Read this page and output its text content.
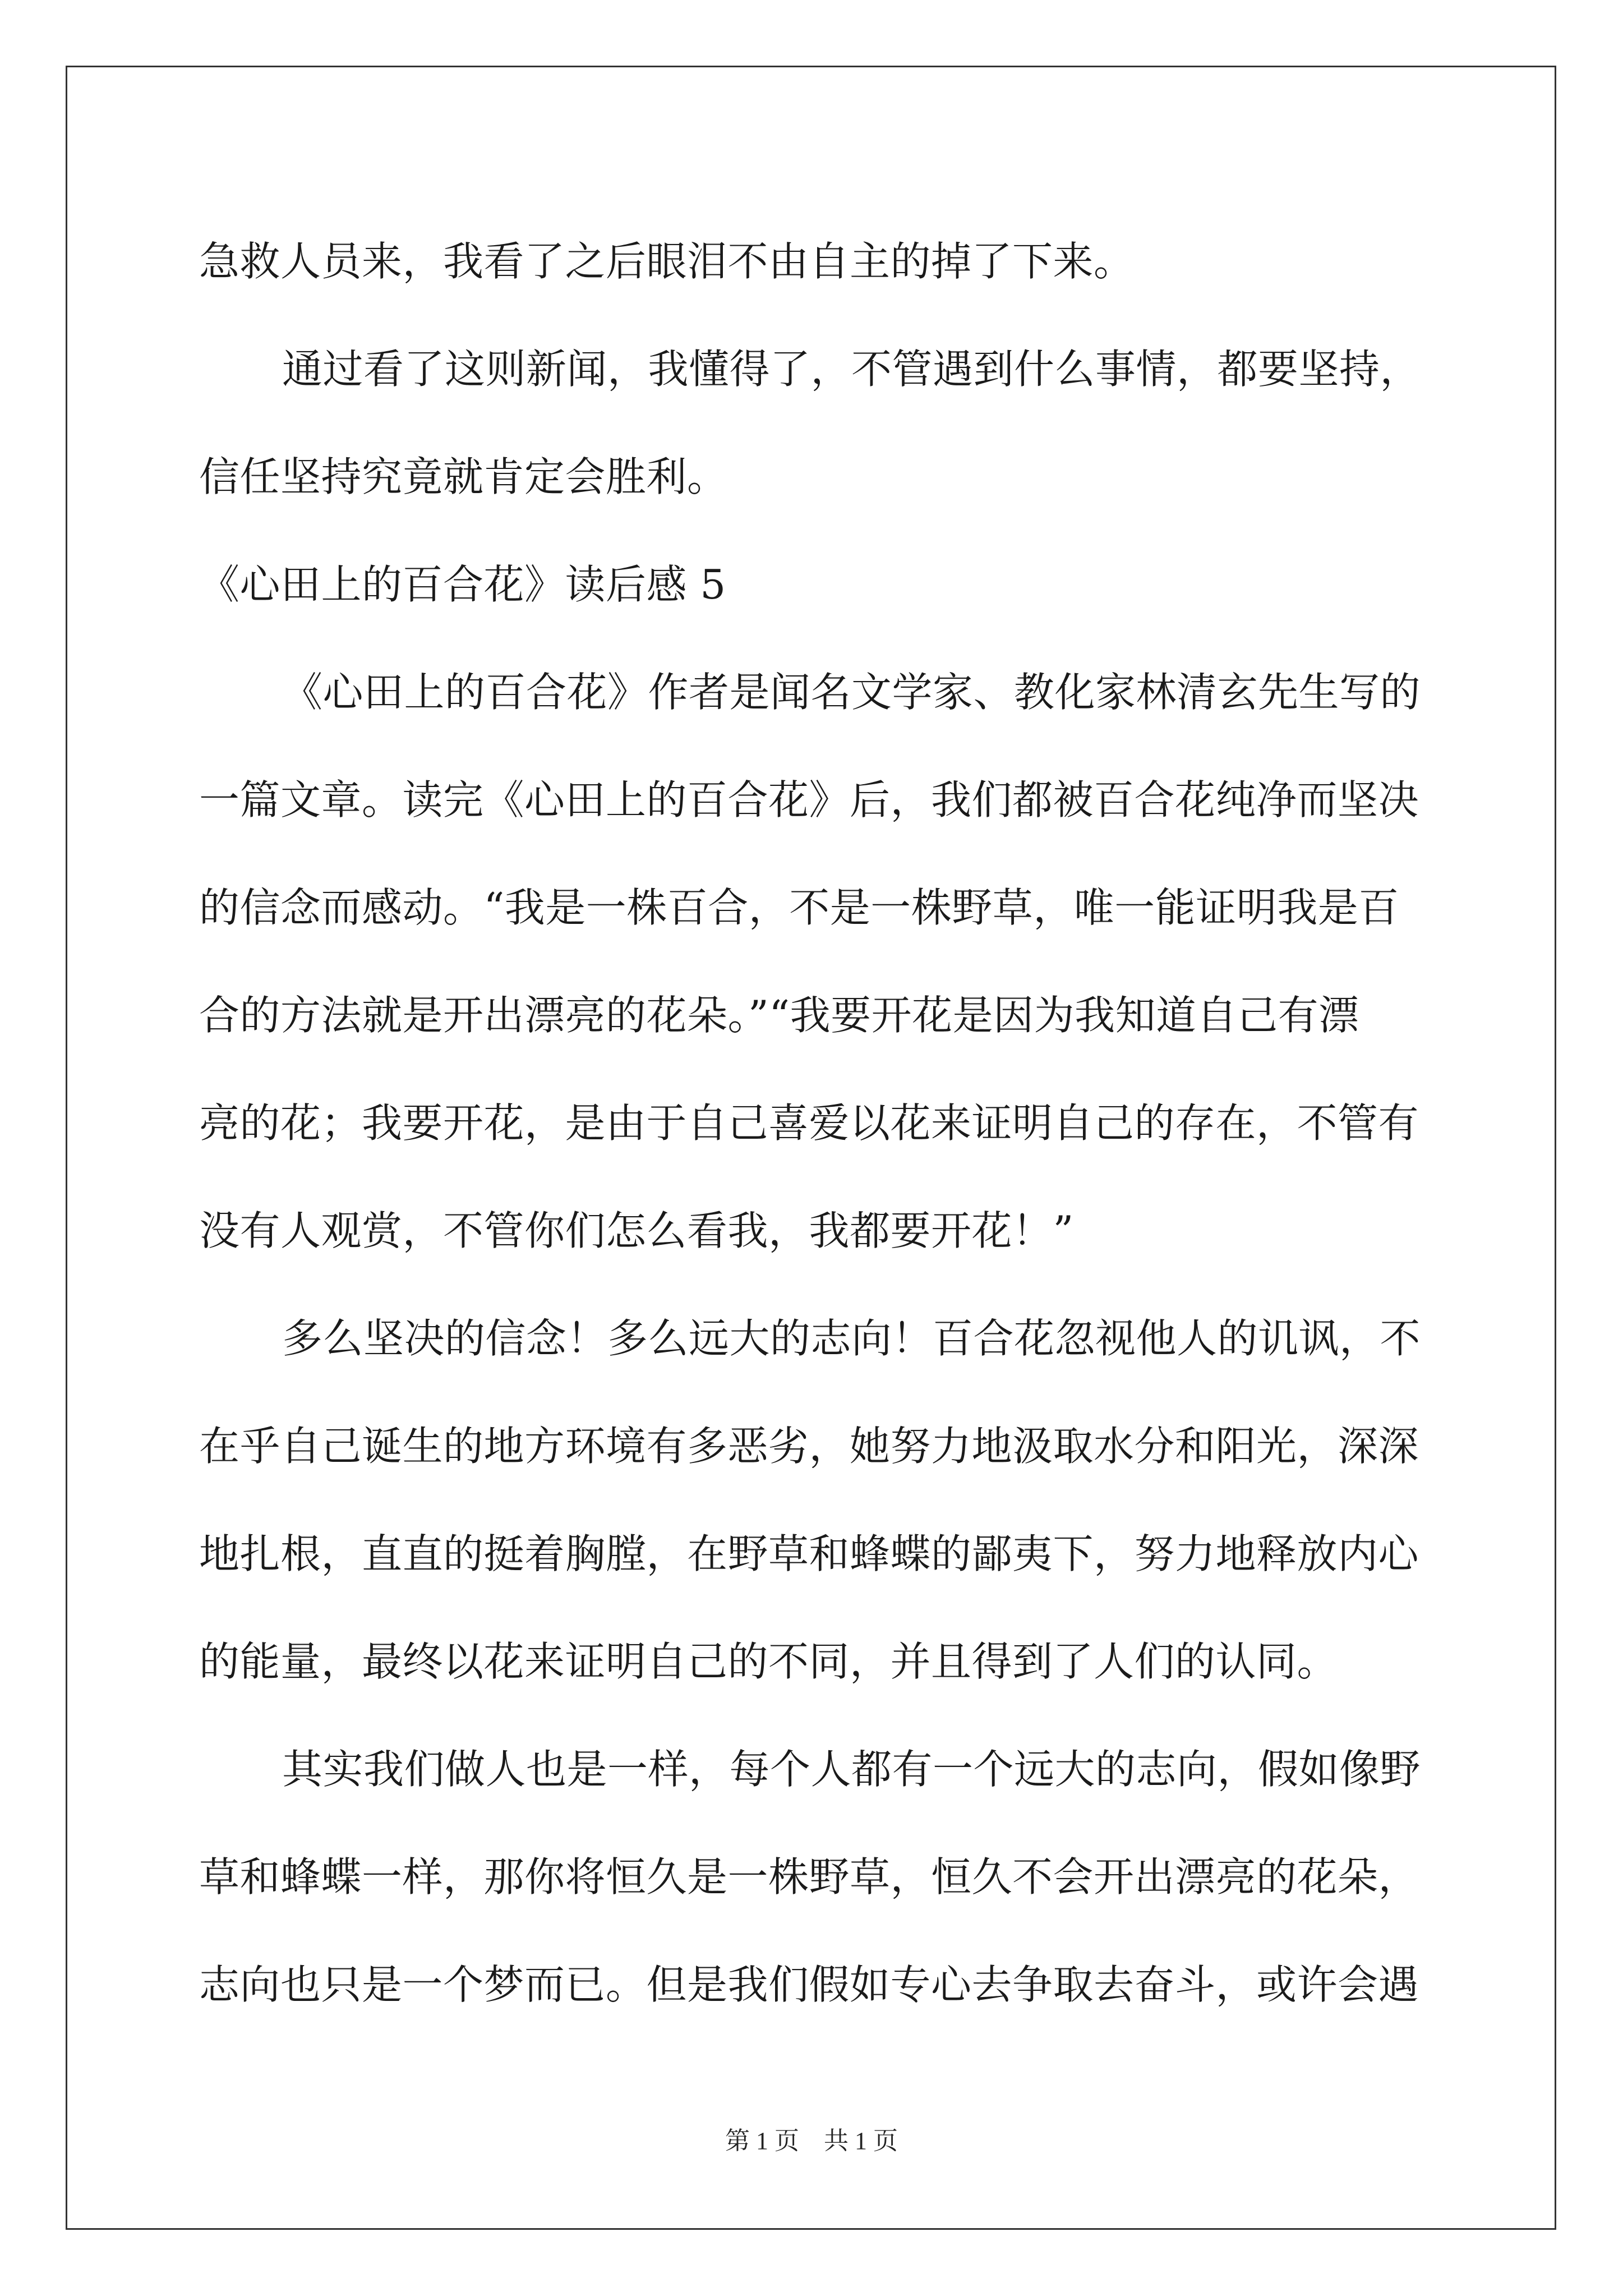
急救人员来，我看了之后眼泪不由自主的掉了下来。
通过看了这则新闻，我懂得了，不管遇到什么事情，都要坚持，
信任坚持究竟就肯定会胜利。
《心田上的百合花》读后感 5
《心田上的百合花》作者是闻名文学家、教化家林清玄先生写的
一篇文章。读完《心田上的百合花》后，我们都被百合花纯净而坚决
的信念而感动。“我是一株百合，不是一株野草，唯一能证明我是百
合的方法就是开出漂亮的花朵。”“我要开花是因为我知道自己有漂
亮的花；我要开花，是由于自己喜爱以花来证明自己的存在，不管有
没有人观赏，不管你们怎么看我，我都要开花！”
多么坚决的信念！多么远大的志向！百合花忽视他人的讥讽，不
在乎自己诞生的地方环境有多恶劣，她努力地汲取水分和阳光，深深
地扎根，直直的挺着胸膛，在野草和蜂蝶的鄙夷下，努力地释放内心
的能量，最终以花来证明自己的不同，并且得到了人们的认同。
其实我们做人也是一样，每个人都有一个远大的志向，假如像野
草和蜂蝶一样，那你将恒久是一株野草，恒久不会开出漂亮的花朵，
志向也只是一个梦而已。但是我们假如专心去争取去奋斗，或许会遇
第 1 页　共 1 页
